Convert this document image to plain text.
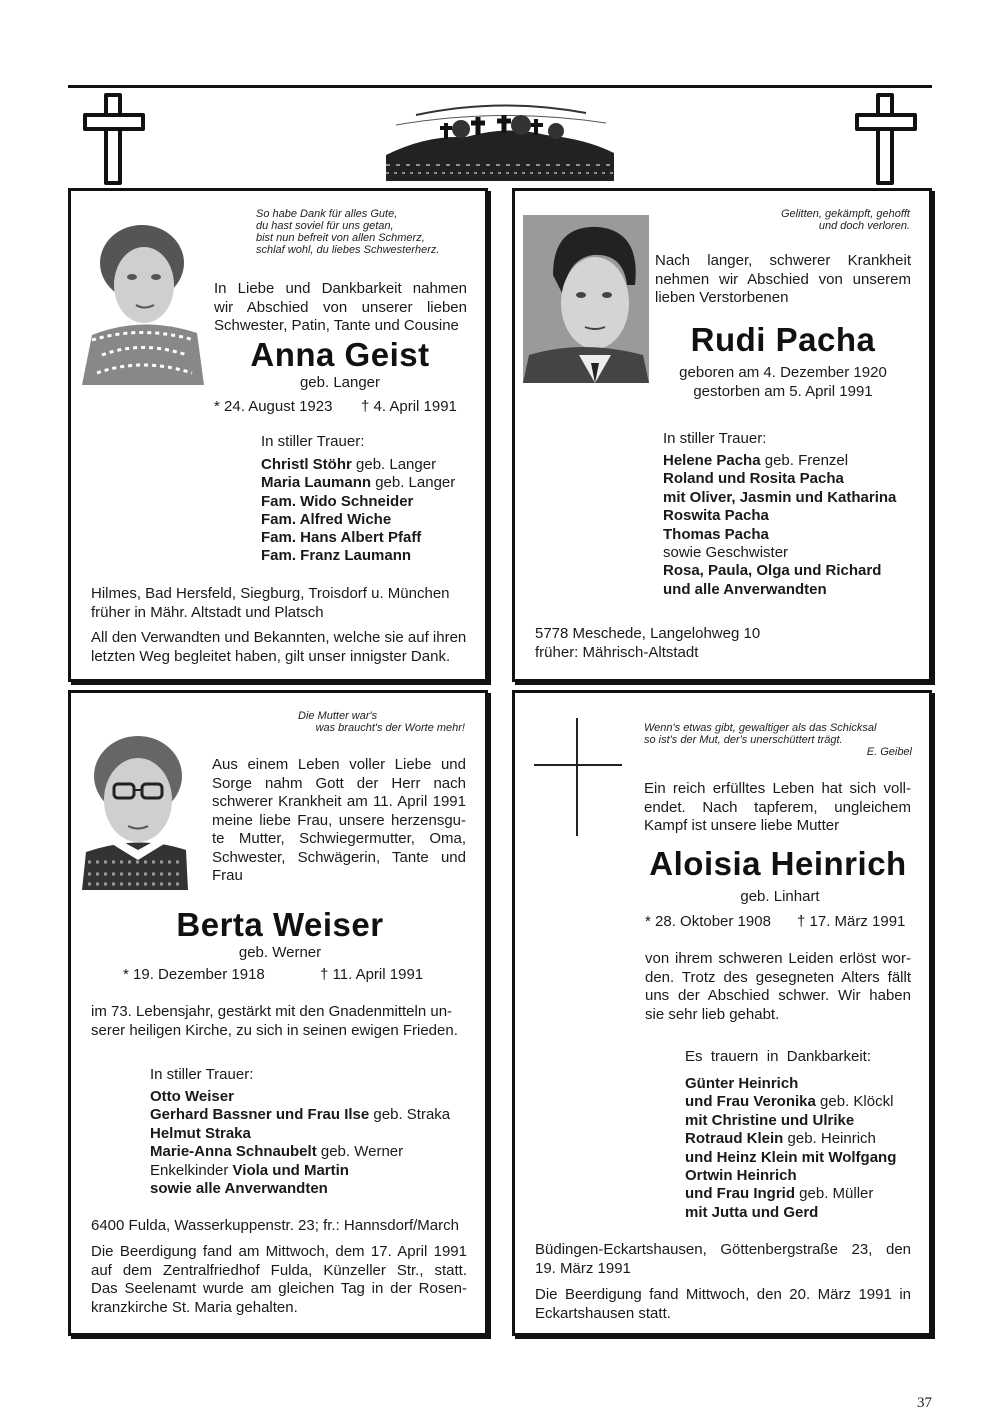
So habe Dank für alles Gute,
du hast soviel für uns getan,
bist nun befreit von allen Schmerz,
schlaf wohl, du liebes Schwesterherz.
In Liebe und Dankbarkeit nahmen
wir Abschied von unserer lieben
Schwester, Patin, Tante und Cousine
Anna Geist
geb. Langer
* 24. August 1923 † 4. April 1991
In stiller Trauer:
Christl Stöhr geb. Langer
Maria Laumann geb. Langer
Fam. Wido Schneider
Fam. Alfred Wiche
Fam. Hans Albert Pfaff
Fam. Franz Laumann
Hilmes, Bad Hersfeld, Siegburg, Troisdorf u. München
früher in Mähr. Altstadt und Platsch
All den Verwandten und Bekannten, welche sie auf ihren
letzten Weg begleitet haben, gilt unser innigster Dank.
Gelitten, gekämpft, gehofft
und doch verloren.
Nach langer, schwerer Krankheit
nehmen wir Abschied von unserem
lieben Verstorbenen
Rudi Pacha
geboren am 4. Dezember 1920
gestorben am 5. April 1991
In stiller Trauer:
Helene Pacha geb. Frenzel
Roland und Rosita Pacha
mit Oliver, Jasmin und Katharina
Roswita Pacha
Thomas Pacha
sowie Geschwister
Rosa, Paula, Olga und Richard
und alle Anverwandten
5778 Meschede, Langelohweg 10
früher: Mährisch-Altstadt
Die Mutter war's
was braucht's der Worte mehr!
Aus einem Leben voller Liebe und
Sorge nahm Gott der Herr nach
schwerer Krankheit am 11. April 1991
meine liebe Frau, unsere herzensgu-
te Mutter, Schwiegermutter, Oma,
Schwester, Schwägerin, Tante und
Frau
Berta Weiser
geb. Werner
* 19. Dezember 1918	† 11. April 1991
im 73. Lebensjahr, gestärkt mit den Gnadenmitteln un-
serer heiligen Kirche, zu sich in seinen ewigen Frieden.
In stiller Trauer:
Otto Weiser
Gerhard Bassner und Frau Ilse geb. Straka
Helmut Straka
Marie-Anna Schnaubelt geb. Werner
Enkelkinder Viola und Martin
sowie alle Anverwandten
6400 Fulda, Wasserkuppenstr. 23; fr.: Hannsdorf/March
Die Beerdigung fand am Mittwoch, dem 17. April 1991
auf dem Zentralfriedhof Fulda, Künzeller Str., statt.
Das Seelenamt wurde am gleichen Tag in der Rosen-
kranzkirche St. Maria gehalten.
Wenn's etwas gibt, gewaltiger als das Schicksal
so ist's der Mut, der's unerschüttert trägt.
E. Geibel
Ein reich erfülltes Leben hat sich voll-
endet. Nach tapferem, ungleichem
Kampf ist unsere liebe Mutter
Aloisia Heinrich
geb. Linhart
* 28. Oktober 1908 † 17. März 1991
von ihrem schweren Leiden erlöst wor-
den. Trotz des gesegneten Alters fällt
uns der Abschied schwer. Wir haben
sie sehr lieb gehabt.
Es trauern in Dankbarkeit:
Günter Heinrich
und Frau Veronika geb. Klöckl
mit Christine und Ulrike
Rotraud Klein geb. Heinrich
und Heinz Klein mit Wolfgang
Ortwin Heinrich
und Frau Ingrid geb. Müller
mit Jutta und Gerd
Büdingen-Eckartshausen, Göttenbergstraße 23, den
19. März 1991
Die Beerdigung fand Mittwoch, den 20. März 1991 in
Eckartshausen statt.
37
